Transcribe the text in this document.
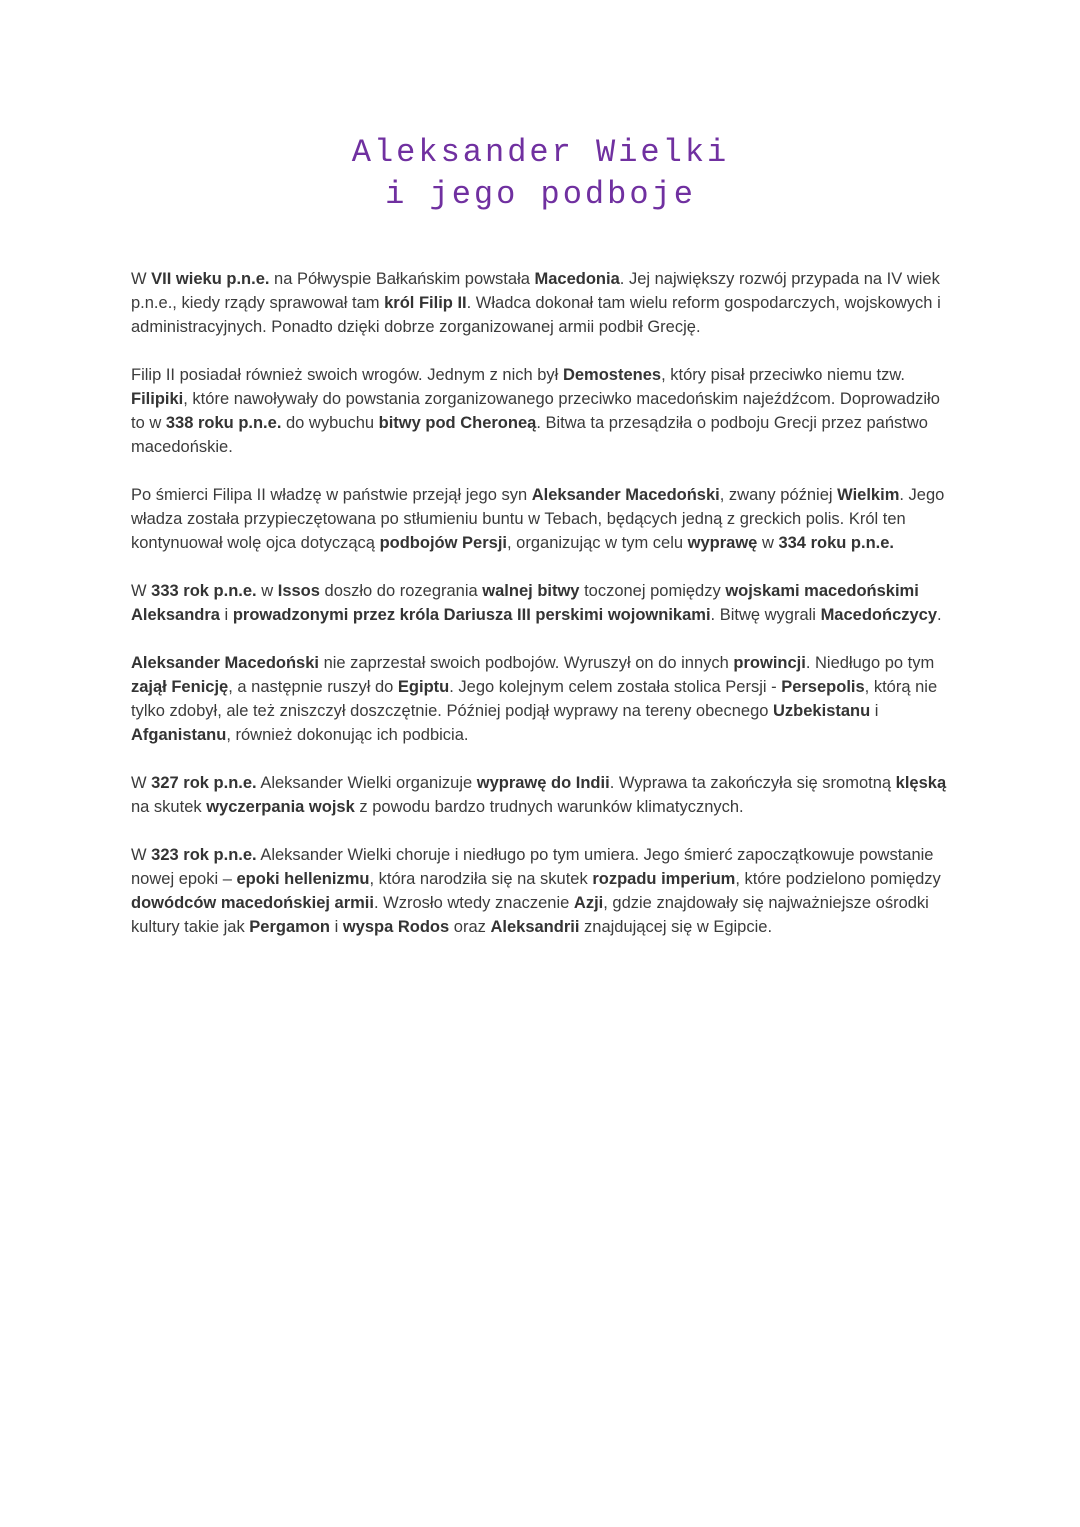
Aleksander Wielki
i jego podboje

W VII wieku p.n.e. na Półwyspie Bałkańskim powstała Macedonia. Jej największy rozwój przypada na IV wiek p.n.e., kiedy rządy sprawował tam król Filip II. Władca dokonał tam wielu reform gospodarczych, wojskowych i administracyjnych. Ponadto dzięki dobrze zorganizowanej armii podbił Grecję.

Filip II posiadał również swoich wrogów. Jednym z nich był Demostenes, który pisał przeciwko niemu tzw. Filipiki, które nawoływały do powstania zorganizowanego przeciwko macedońskim najeźdźcom. Doprowadziło to w 338 roku p.n.e. do wybuchu bitwy pod Cheroneą. Bitwa ta przesądziła o podboju Grecji przez państwo macedońskie.

Po śmierci Filipa II władzę w państwie przejął jego syn Aleksander Macedoński, zwany później Wielkim. Jego władza została przypieczętowana po stłumieniu buntu w Tebach, będących jedną z greckich polis. Król ten kontynuował wolę ojca dotyczącą podbojów Persji, organizując w tym celu wyprawę w 334 roku p.n.e.

W 333 rok p.n.e. w Issos doszło do rozegrania walnej bitwy toczonej pomiędzy wojskami macedońskimi Aleksandra i prowadzonymi przez króla Dariusza III perskimi wojownikami. Bitwę wygrali Macedończycy.

Aleksander Macedoński nie zaprzestał swoich podbojów. Wyruszył on do innych prowincji. Niedługo po tym zajął Fenicję, a następnie ruszył do Egiptu. Jego kolejnym celem została stolica Persji - Persepolis, którą nie tylko zdobył, ale też zniszczył doszczętnie. Później podjął wyprawy na tereny obecnego Uzbekistanu i Afganistanu, również dokonując ich podbicia.

W 327 rok p.n.e. Aleksander Wielki organizuje wyprawę do Indii. Wyprawa ta zakończyła się sromotną klęską na skutek wyczerpania wojsk z powodu bardzo trudnych warunków klimatycznych.

W 323 rok p.n.e. Aleksander Wielki choruje i niedługo po tym umiera. Jego śmierć zapoczątkowuje powstanie nowej epoki – epoki hellenizmu, która narodziła się na skutek rozpadu imperium, które podzielono pomiędzy dowódców macedońskiej armii. Wzrosło wtedy znaczenie Azji, gdzie znajdowały się najważniejsze ośrodki kultury takie jak Pergamon i wyspa Rodos oraz Aleksandrii znajdującej się w Egipcie.
